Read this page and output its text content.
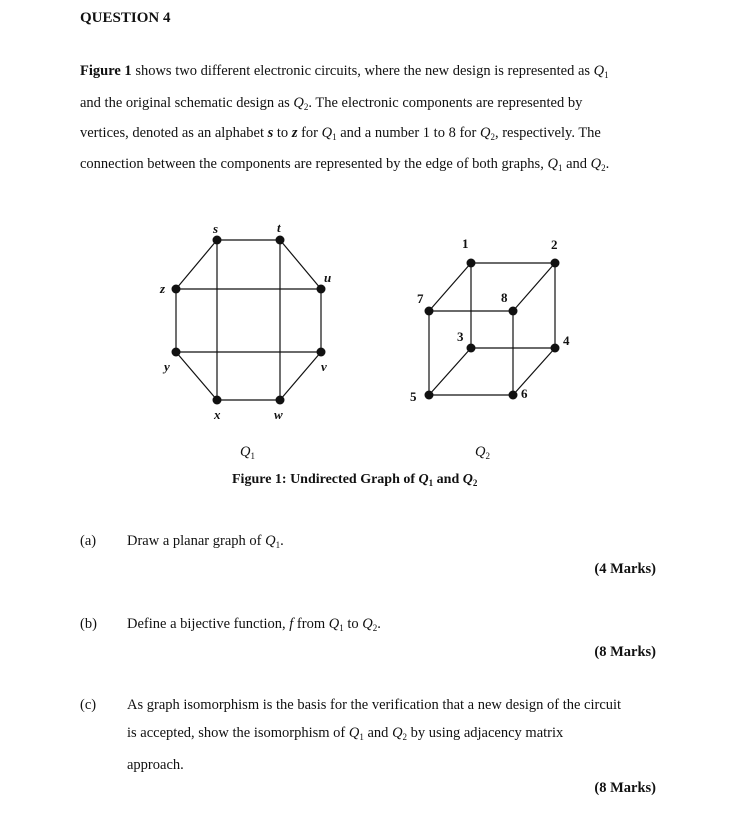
QUESTION 4
Figure 1 shows two different electronic circuits, where the new design is represented as $Q_1$
and the original schematic design as $Q_2$. The electronic components are represented by
vertices, denoted as an alphabet s to z for $Q_1$ and a number 1 to 8 for $Q_2$, respectively. The
connection between the components are represented by the edge of both graphs, $Q_1$ and $Q_2$.
s	t
u
v
w
x
y
z
1	2
3	4
5	6
7	8
$Q_1$	$Q_2$
Figure 1: Undirected Graph of $Q_1$ and $Q_2$
(a) Draw a planar graph of $Q_1$.
(4 Marks)
(b) Define a bijective function, f from $Q_1$ to $Q_2$.
(8 Marks)
(c) As graph isomorphism is the basis for the verification that a new design of the circuit
is accepted, show the isomorphism of $Q_1$ and $Q_2$ by using adjacency matrix
approach.
(8 Marks)
